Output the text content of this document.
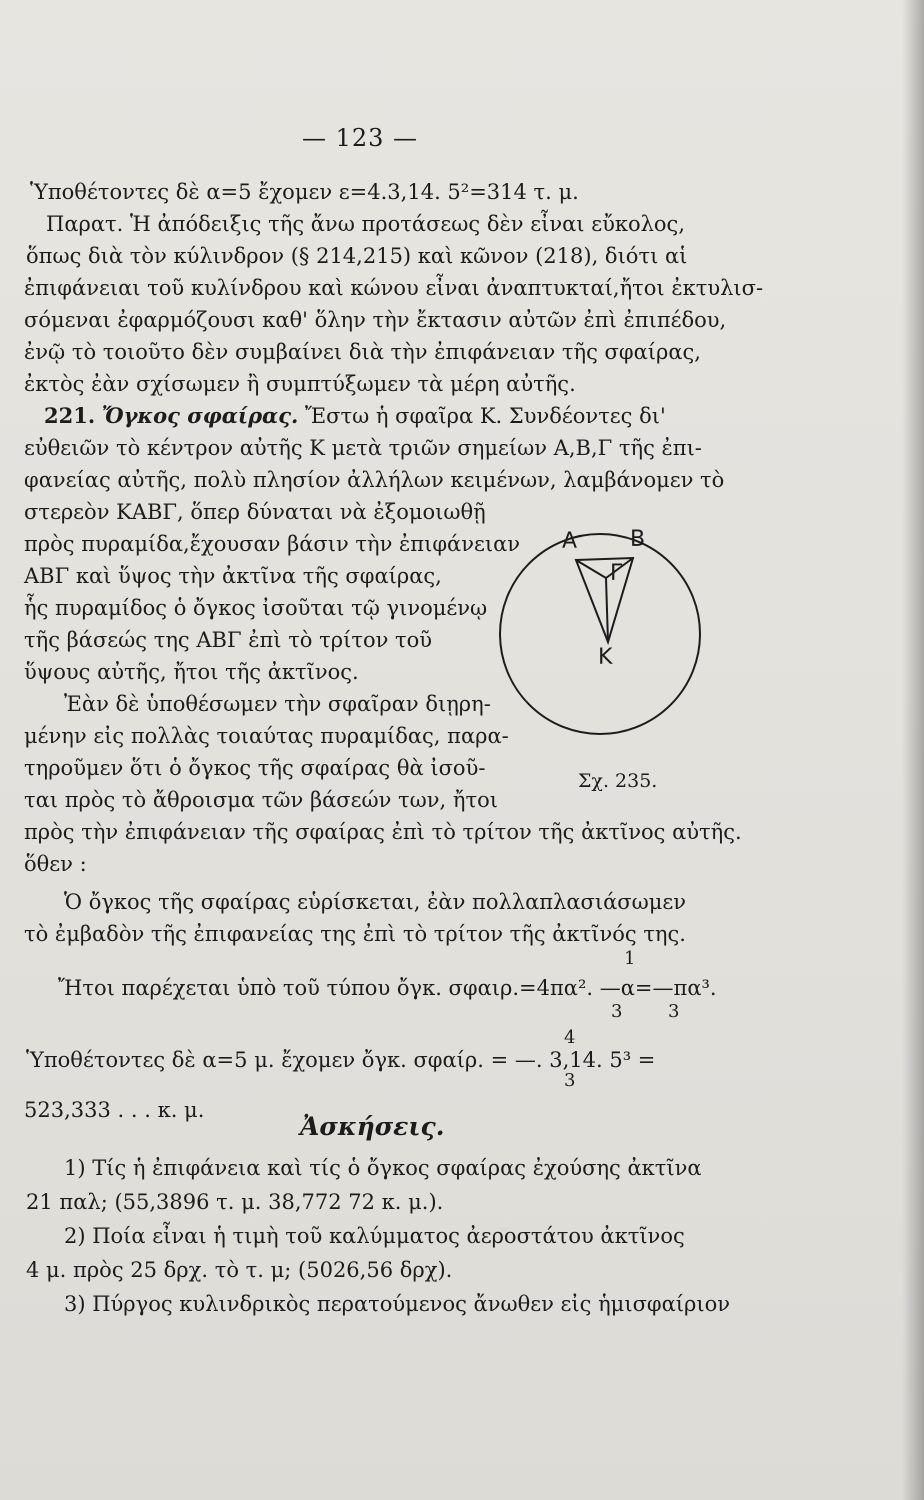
— 123 —
Ὑποθέτοντες δὲ α=5 ἔχομεν ε=4.3,14. 5²=314 τ. μ.
Παρατ. Ἡ ἀπόδειξις τῆς ἄνω προτάσεως δὲν εἶναι εὔκολος,
ὅπως διὰ τὸν κύλινδρον (§ 214,215) καὶ κῶνον (218), διότι αἱ
ἐπιφάνειαι τοῦ κυλίνδρου καὶ κώνου εἶναι ἀναπτυκταί,ἤτοι ἐκτυλισ-
σόμεναι ἐφαρμόζουσι καθ' ὅλην τὴν ἔκτασιν αὐτῶν ἐπὶ ἐπιπέδου,
ἐνῷ τὸ τοιοῦτο δὲν συμβαίνει διὰ τὴν ἐπιφάνειαν τῆς σφαίρας,
ἐκτὸς ἐὰν σχίσωμεν ἢ συμπτύξωμεν τὰ μέρη αὐτῆς.
221. Ὄγκος σφαίρας. Ἔστω ἡ σφαῖρα Κ. Συνδέοντες δι'
εὐθειῶν τὸ κέντρον αὐτῆς Κ μετὰ τριῶν σημείων Α,Β,Γ τῆς ἐπι-
φανείας αὐτῆς, πολὺ πλησίον ἀλλήλων κειμένων, λαμβάνομεν τὸ
στερεὸν ΚΑΒΓ, ὅπερ δύναται νὰ ἐξομοιωθῇ
πρὸς πυραμίδα,ἔχουσαν βάσιν τὴν ἐπιφάνειαν
ΑΒΓ καὶ ὕψος τὴν ἀκτῖνα τῆς σφαίρας,
ἧς πυραμίδος ὁ ὄγκος ἰσοῦται τῷ γινομένῳ
τῆς βάσεώς της ΑΒΓ ἐπὶ τὸ τρίτον τοῦ
ὕψους αὐτῆς, ἤτοι τῆς ἀκτῖνος.
Ἐὰν δὲ ὑποθέσωμεν τὴν σφαῖραν διῃρη-
μένην εἰς πολλὰς τοιαύτας πυραμίδας, παρα-
τηροῦμεν ὅτι ὁ ὄγκος τῆς σφαίρας θὰ ἰσοῦ-
ται πρὸς τὸ ἄθροισμα τῶν βάσεών των, ἤτοι
πρὸς τὴν ἐπιφάνειαν τῆς σφαίρας ἐπὶ τὸ τρίτον τῆς ἀκτῖνος αὐτῆς.
ὅθεν :
Ὁ ὄγκος τῆς σφαίρας εὑρίσκεται, ἐὰν πολλαπλασιάσωμεν
τὸ ἐμβαδὸν τῆς ἐπιφανείας της ἐπὶ τὸ τρίτον τῆς ἀκτῖνός της.
1
Ἤτοι παρέχεται ὑπὸ τοῦ τύπου ὄγκ. σφαιρ.=4πα². —α=—πα³.
3	3
4
Ὑποθέτοντες δὲ α=5 μ. ἔχομεν ὄγκ. σφαίρ. = —. 3,14. 5³ =
3
523,333 . . . κ. μ.
Ἀσκήσεις.
1) Τίς ἡ ἐπιφάνεια καὶ τίς ὁ ὄγκος σφαίρας ἐχούσης ἀκτῖνα
21 παλ; (55,3896 τ. μ. 38,772 72 κ. μ.).
2) Ποία εἶναι ἡ τιμὴ τοῦ καλύμματος ἀεροστάτου ἀκτῖνος
4 μ. πρὸς 25 δρχ. τὸ τ. μ; (5026,56 δρχ).
3) Πύργος κυλινδρικὸς περατούμενος ἄνωθεν εἰς ἡμισφαίριον
Α Β
Γ
Κ
Σχ. 235.
